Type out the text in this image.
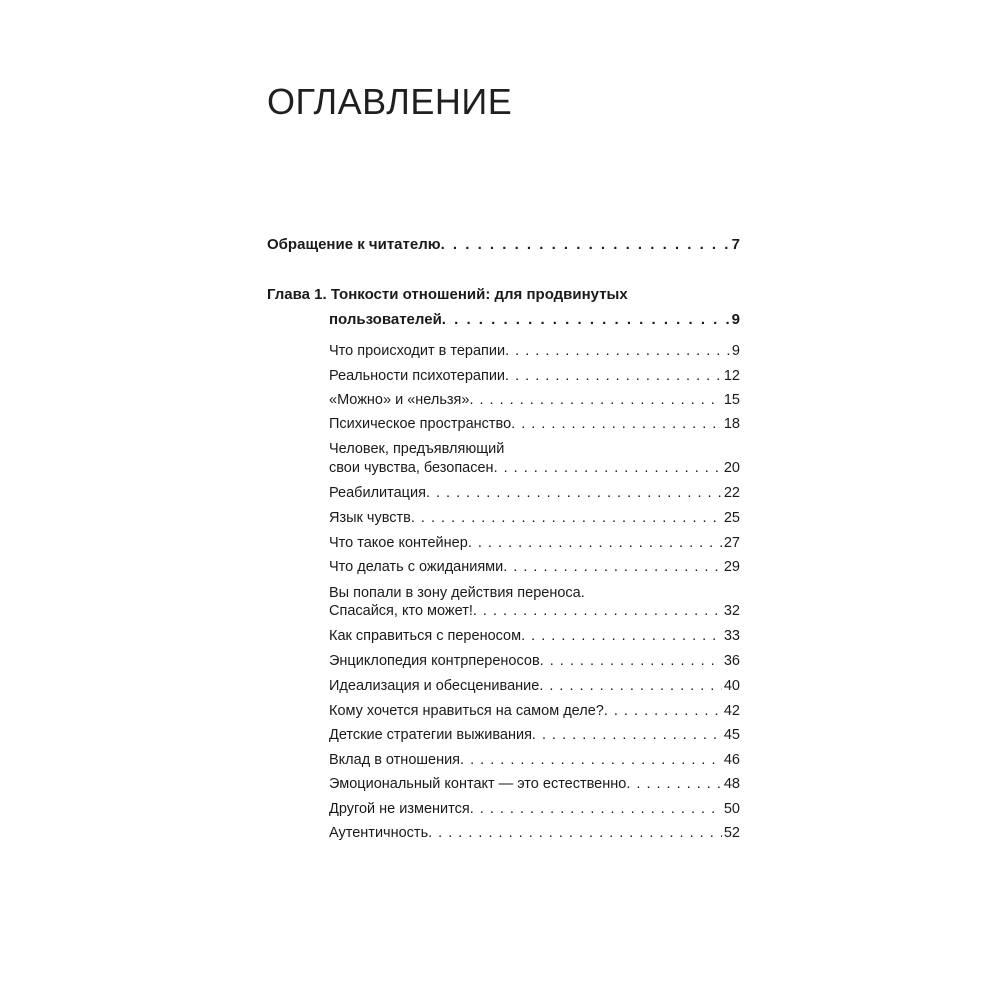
ОГЛАВЛЕНИЕ
Обращение к читателю . . .	7
Глава 1. Тонкости отношений: для продвинутых
пользователей . . .	9
Что происходит в терапии . . .	9
Реальности психотерапии . . .	12
«Можно» и «нельзя» . . .	15
Психическое пространство . . .	18
Человек, предъявляющий
свои чувства, безопасен . . .	20
Реабилитация . . .	22
Язык чувств . . .	25
Что такое контейнер . . .	27
Что делать с ожиданиями . . .	29
Вы попали в зону действия переноса.
Спасайся, кто может! . . .	32
Как справиться с переносом . . .	33
Энциклопедия контрпереносов . . .	36
Идеализация и обесценивание . . .	40
Кому хочется нравиться на самом деле? . . .	42
Детские стратегии выживания . . .	45
Вклад в отношения . . .	46
Эмоциональный контакт — это естественно . . .	48
Другой не изменится . . .	50
Аутентичность . . .	52
